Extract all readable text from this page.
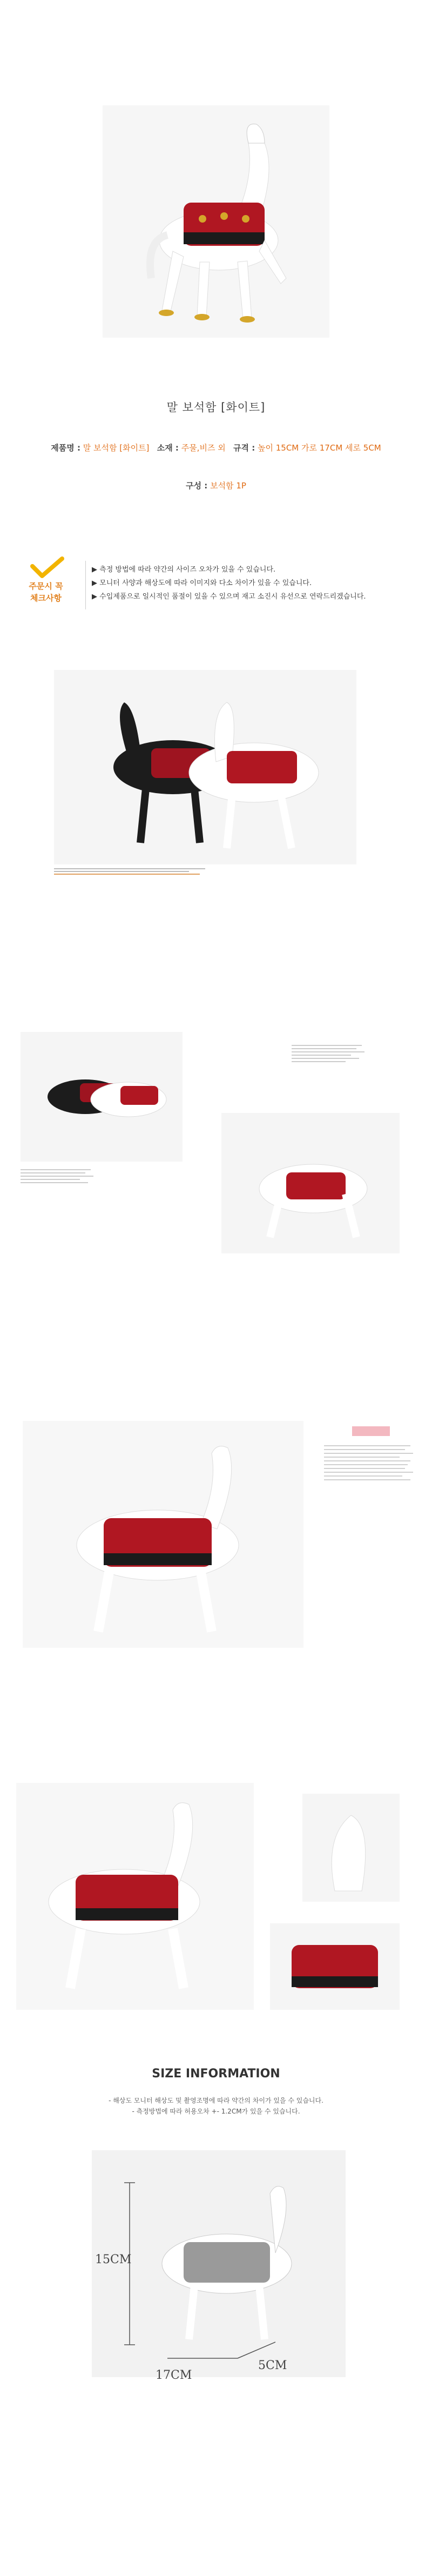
말 보석함 [화이트]
제품명 : 말 보석함 [화이트] 소재 : 주물,비즈 외 규격 : 높이 15CM 가로 17CM 세로 5CM
구성 : 보석함 1P
주문시 꼭
체크사항
▶ 측정 방법에 따라 약간의 사이즈 오차가 있을 수 있습니다.
▶ 모니터 사양과 해상도에 따라 이미지와 다소 차이가 있을 수 있습니다.
▶ 수입제품으로 일시적인 품절이 있을 수 있으며 재고 소진시 유선으로 연락드리겠습니다.
SIZE INFORMATION
- 해상도 모니터 해상도 및 촬영조명에 따라 약간의 차이가 있을 수 있습니다.
- 측정방법에 따라 허용오차 +- 1.2CM가 있을 수 있습니다.
15CM
17CM
5CM
